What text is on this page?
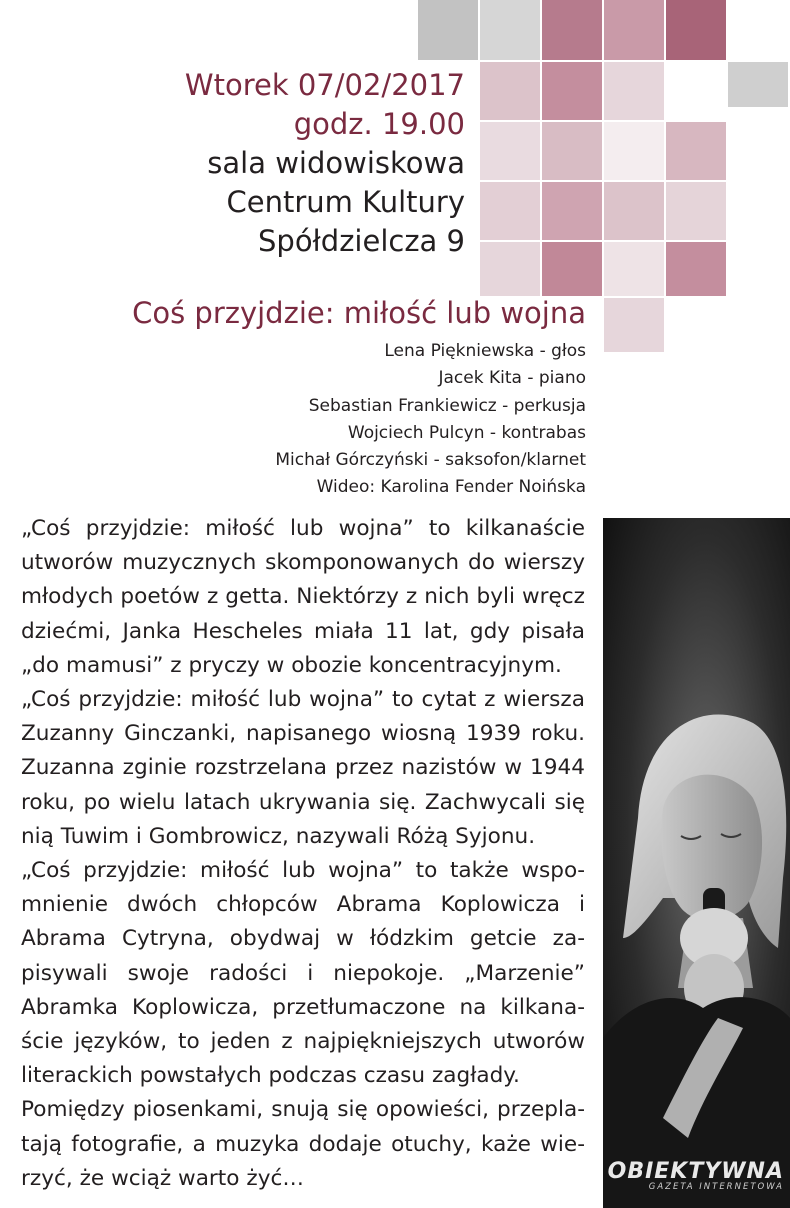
Wtorek 07/02/2017
godz. 19.00
sala widowiskowa
Centrum Kultury
Spółdzielcza 9
Coś przyjdzie: miłość lub wojna
Lena Piękniewska - głos
Jacek Kita - piano
Sebastian Frankiewicz - perkusja
Wojciech Pulcyn - kontrabas
Michał Górczyński - saksofon/klarnet
Wideo: Karolina Fender Noińska

„Coś przyjdzie: miłość lub wojna” to kilkanaście utworów muzycznych skomponowanych do wierszy młodych poetów z getta. Niektórzy z nich byli wręcz dziećmi, Janka Hescheles miała 11 lat, gdy pisała „do mamusi” z pryczy w obozie koncentracyjnym.

„Coś przyjdzie: miłość lub wojna” to cytat z wiersza Zuzanny Ginczanki, napisanego wiosną 1939 roku. Zuzanna zginie rozstrzelana przez nazistów w 1944 roku, po wielu latach ukrywania się. Zachwycali się nią Tuwim i Gombrowicz, nazywali Różą Syjonu.

„Coś przyjdzie: miłość lub wojna” to także wspomnienie dwóch chłopców Abrama Koplowicza i Abrama Cytryna, obydwaj w łódzkim getcie zapisywali swoje radości i niepokoje. „Marzenie” Abramka Koplowicza, przetłumaczone na kilkanaście języków, to jeden z najpiękniejszych utworów literackich powstałych podczas czasu zagłady.

Pomiędzy piosenkami, snują się opowieści, przeplatają fotografie, a muzyka dodaje otuchy, każe wierzyć, że wciąż warto żyć…	OBIEKTYWNA
GAZETA INTERNETOWA
